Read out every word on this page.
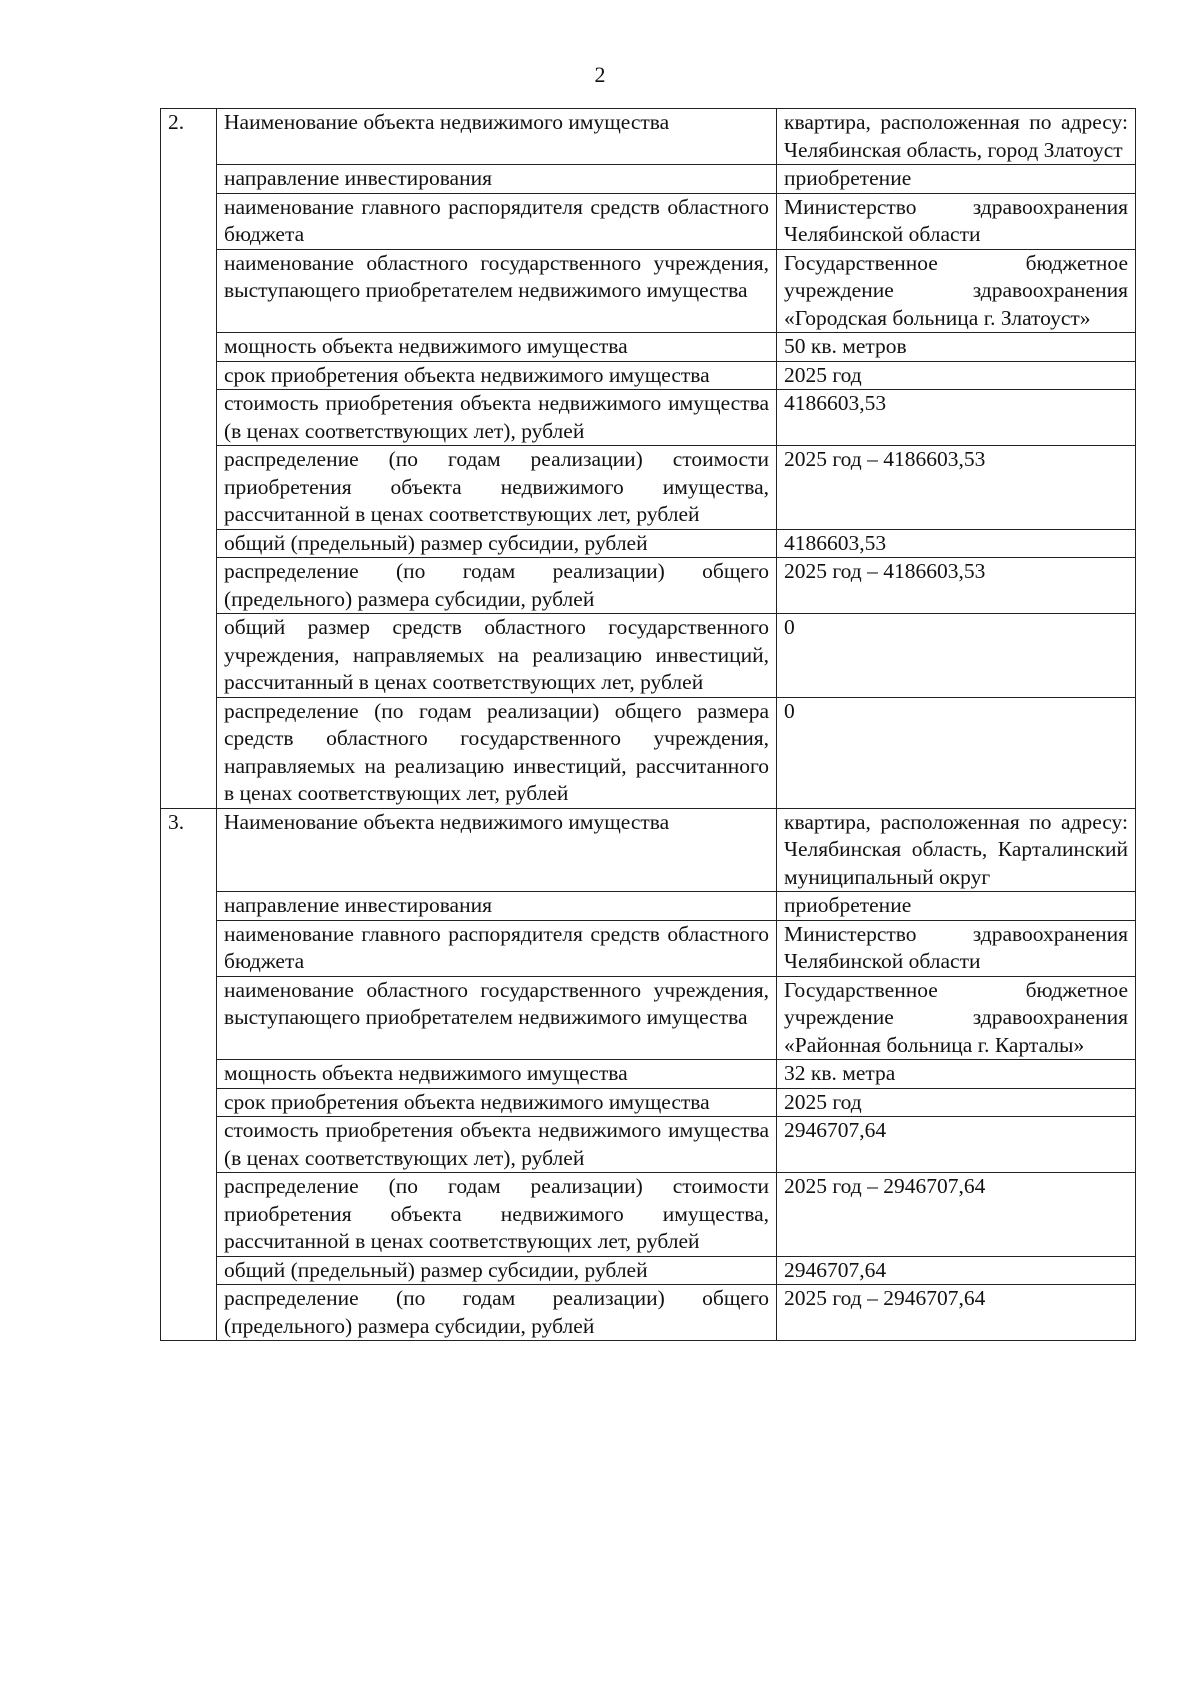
2
2.	Наименование объекта недвижимого имущества	квартира, расположенная по адресу: Челябинская область, город Златоуст
	направление инвестирования	приобретение
	наименование главного распорядителя средств областного бюджета	Министерство здравоохранения Челябинской области
	наименование областного государственного учреждения, выступающего приобретателем недвижимого имущества	Государственное бюджетное учреждение здравоохранения «Городская больница г. Златоуст»
	мощность объекта недвижимого имущества	50 кв. метров
	срок приобретения объекта недвижимого имущества	2025 год
	стоимость приобретения объекта недвижимого имущества (в ценах соответствующих лет), рублей	4186603,53
	распределение (по годам реализации) стоимости приобретения объекта недвижимого имущества, рассчитанной в ценах соответствующих лет, рублей	2025 год – 4186603,53
	общий (предельный) размер субсидии, рублей	4186603,53
	распределение (по годам реализации) общего (предельного) размера субсидии, рублей	2025 год – 4186603,53
	общий размер средств областного государственного учреждения, направляемых на реализацию инвестиций, рассчитанный в ценах соответствующих лет, рублей	0
	распределение (по годам реализации) общего размера средств областного государственного учреждения, направляемых на реализацию инвестиций, рассчитанного в ценах соответствующих лет, рублей	0
3.	Наименование объекта недвижимого имущества	квартира, расположенная по адресу: Челябинская область, Карталинский муниципальный округ
	направление инвестирования	приобретение
	наименование главного распорядителя средств областного бюджета	Министерство здравоохранения Челябинской области
	наименование областного государственного учреждения, выступающего приобретателем недвижимого имущества	Государственное бюджетное учреждение здравоохранения «Районная больница г. Карталы»
	мощность объекта недвижимого имущества	32 кв. метра
	срок приобретения объекта недвижимого имущества	2025 год
	стоимость приобретения объекта недвижимого имущества (в ценах соответствующих лет), рублей	2946707,64
	распределение (по годам реализации) стоимости приобретения объекта недвижимого имущества, рассчитанной в ценах соответствующих лет, рублей	2025 год – 2946707,64
	общий (предельный) размер субсидии, рублей	2946707,64
	распределение (по годам реализации) общего (предельного) размера субсидии, рублей	2025 год – 2946707,64
